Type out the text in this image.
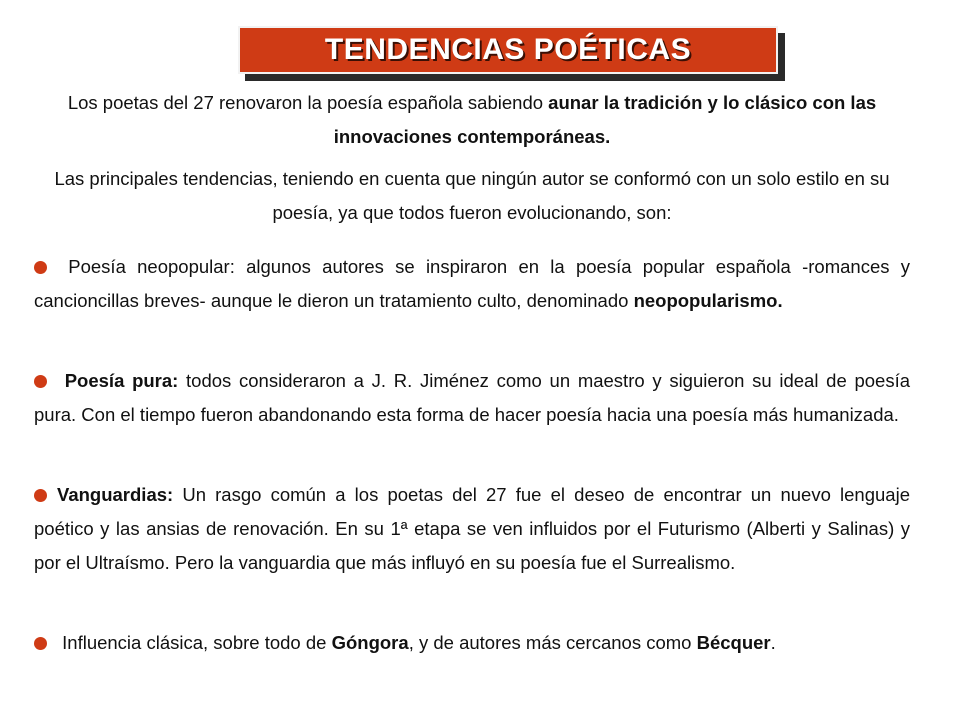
TENDENCIAS POÉTICAS
Los poetas del 27 renovaron la poesía española sabiendo aunar la tradición y lo clásico con las innovaciones contemporáneas.
Las principales tendencias, teniendo en cuenta que ningún autor se conformó con un solo estilo en su poesía, ya que todos fueron evolucionando, son:
Poesía neopopular: algunos autores se inspiraron en la poesía popular española -romances y cancioncillas breves- aunque le dieron un tratamiento culto, denominado neopopularismo.
Poesía pura: todos consideraron a J. R. Jiménez como un maestro y siguieron su ideal de poesía pura. Con el tiempo fueron abandonando esta forma de hacer poesía hacia una poesía más humanizada.
Vanguardias: Un rasgo común a los poetas del 27 fue el deseo de encontrar un nuevo lenguaje poético y las ansias de renovación. En su 1ª etapa se ven influidos por el Futurismo (Alberti y Salinas) y por el Ultraísmo. Pero la vanguardia que más influyó en su poesía fue el Surrealismo.
Influencia clásica, sobre todo de Góngora, y de autores más cercanos como Bécquer.
